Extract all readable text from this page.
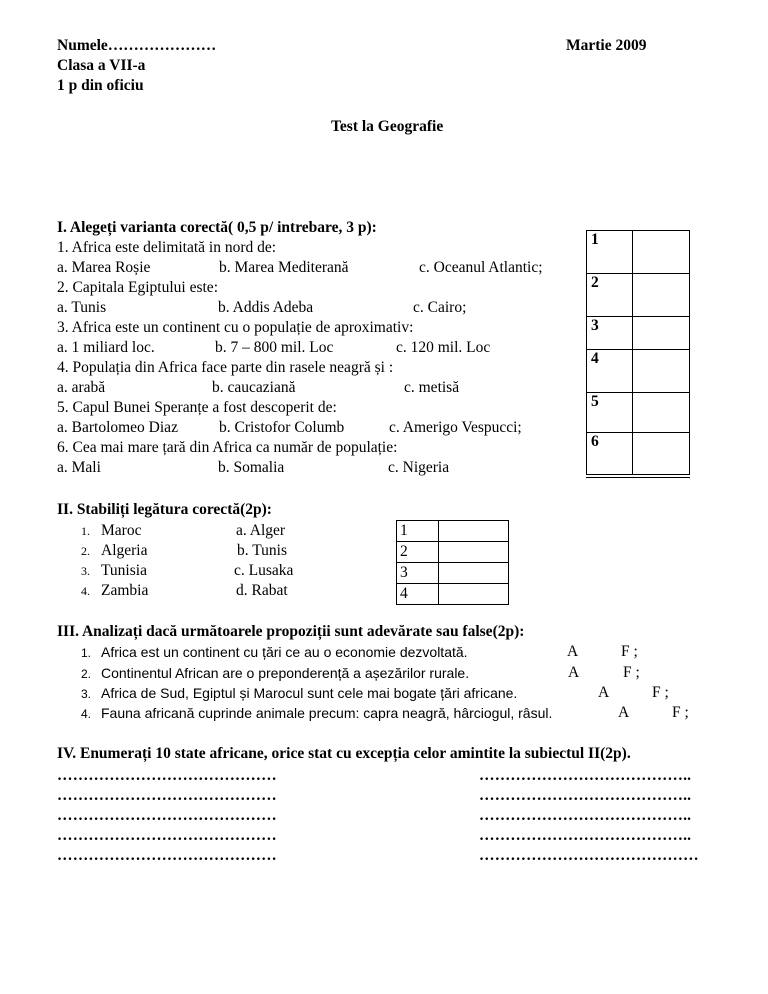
Numele…………………	Martie 2009
Clasa a VII-a
1 p din oficiu
Test la Geografie
I. Alegeți varianta corectă( 0,5 p/ intrebare, 3 p):
1. Africa este delimitată in nord de:
a. Marea Roșie	b. Marea Mediterană	c. Oceanul Atlantic;
2. Capitala Egiptului este:
a. Tunis	b. Addis Adeba	c. Cairo;
3. Africa este un continent cu o populație de aproximativ:
a. 1 miliard loc.	b. 7 – 800 mil. Loc	c. 120 mil. Loc
4. Populația din Africa face parte din rasele neagră și :
a. arabă	b. caucaziană	c. metisă
5. Capul Bunei Speranțe a fost descoperit de:
a. Bartolomeo Diaz	b. Cristofor Columb	c. Amerigo Vespucci;
6. Cea mai mare țară din Africa ca număr de populație:
a. Mali	b. Somalia	c. Nigeria
1	
2	
3	
4	
5	
6	
II. Stabiliți legătura corectă(2p):
1. Maroc	a. Alger
2. Algeria	b. Tunis
3. Tunisia	c. Lusaka
4. Zambia	d. Rabat
1	
2	
3	
4	
III. Analizați dacă următoarele propoziții sunt adevărate sau false(2p):
1. Africa est un continent cu țări ce au o economie dezvoltată.	A	F ;
2. Continentul African are o preponderență a așezărilor rurale.	A	F ;
3. Africa de Sud, Egiptul și Marocul sunt cele mai bogate țări africane.	A	F ;
4. Fauna africană cuprinde animale precum: capra neagră, hârciogul, râsul.	A	F ;
IV. Enumerați 10 state africane, orice stat cu excepția celor amintite la subiectul II(2p).
……………………………………
……………………………………
……………………………………
……………………………………
……………………………………
…………………………………..
…………………………………..
…………………………………..
…………………………………..
……………………………………
